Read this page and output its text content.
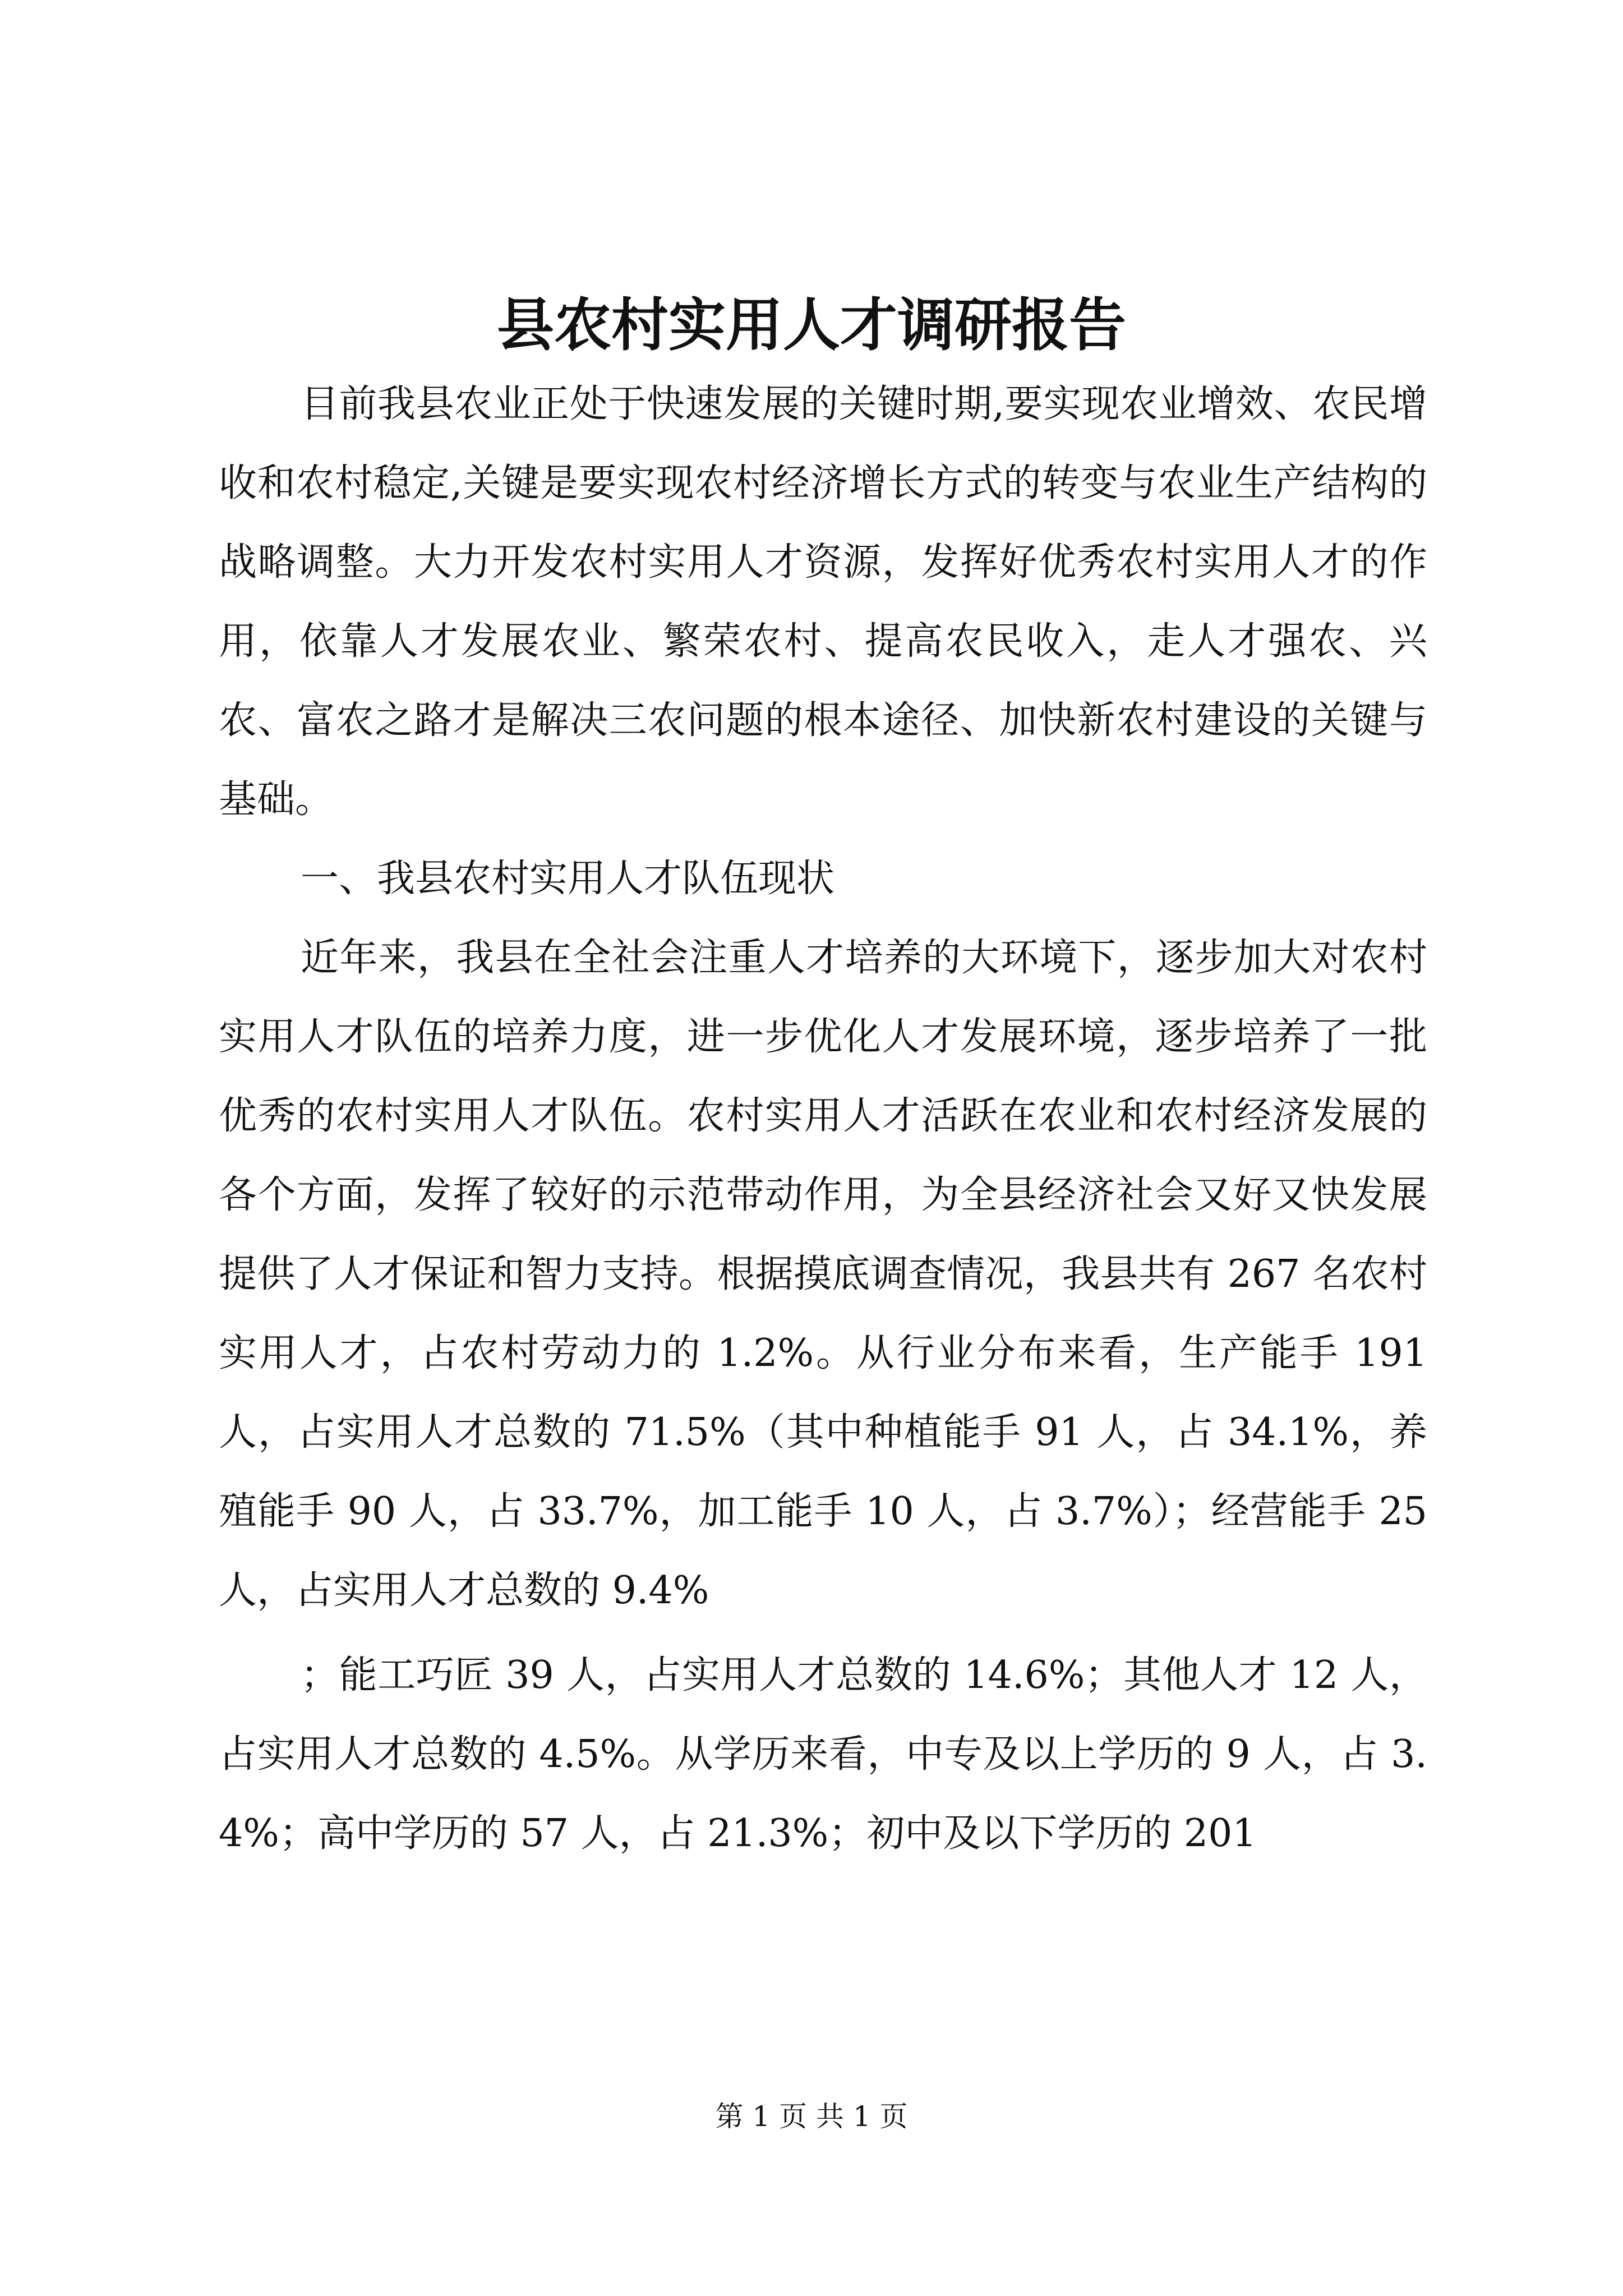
县农村实用人才调研报告

目前我县农业正处于快速发展的关键时期,要实现农业增效、农民增收和农村稳定,关键是要实现农村经济增长方式的转变与农业生产结构的战略调整。大力开发农村实用人才资源，发挥好优秀农村实用人才的作用，依靠人才发展农业、繁荣农村、提高农民收入，走人才强农、兴农、富农之路才是解决三农问题的根本途径、加快新农村建设的关键与基础。

一、我县农村实用人才队伍现状

近年来，我县在全社会注重人才培养的大环境下，逐步加大对农村实用人才队伍的培养力度，进一步优化人才发展环境，逐步培养了一批优秀的农村实用人才队伍。农村实用人才活跃在农业和农村经济发展的各个方面，发挥了较好的示范带动作用，为全县经济社会又好又快发展提供了人才保证和智力支持。根据摸底调查情况，我县共有 267 名农村实用人才，占农村劳动力的 1.2%。从行业分布来看，生产能手 191 人，占实用人才总数的 71.5%（其中种植能手 91 人，占 34.1%，养殖能手 90 人，占 33.7%，加工能手 10 人，占 3.7%）；经营能手 25 人，占实用人才总数的 9.4%

；能工巧匠 39 人，占实用人才总数的 14.6%；其他人才 12 人，占实用人才总数的 4.5%。从学历来看，中专及以上学历的 9 人，占 3.4%；高中学历的 57 人，占 21.3%；初中及以下学历的 201

第 1 页 共 1 页
